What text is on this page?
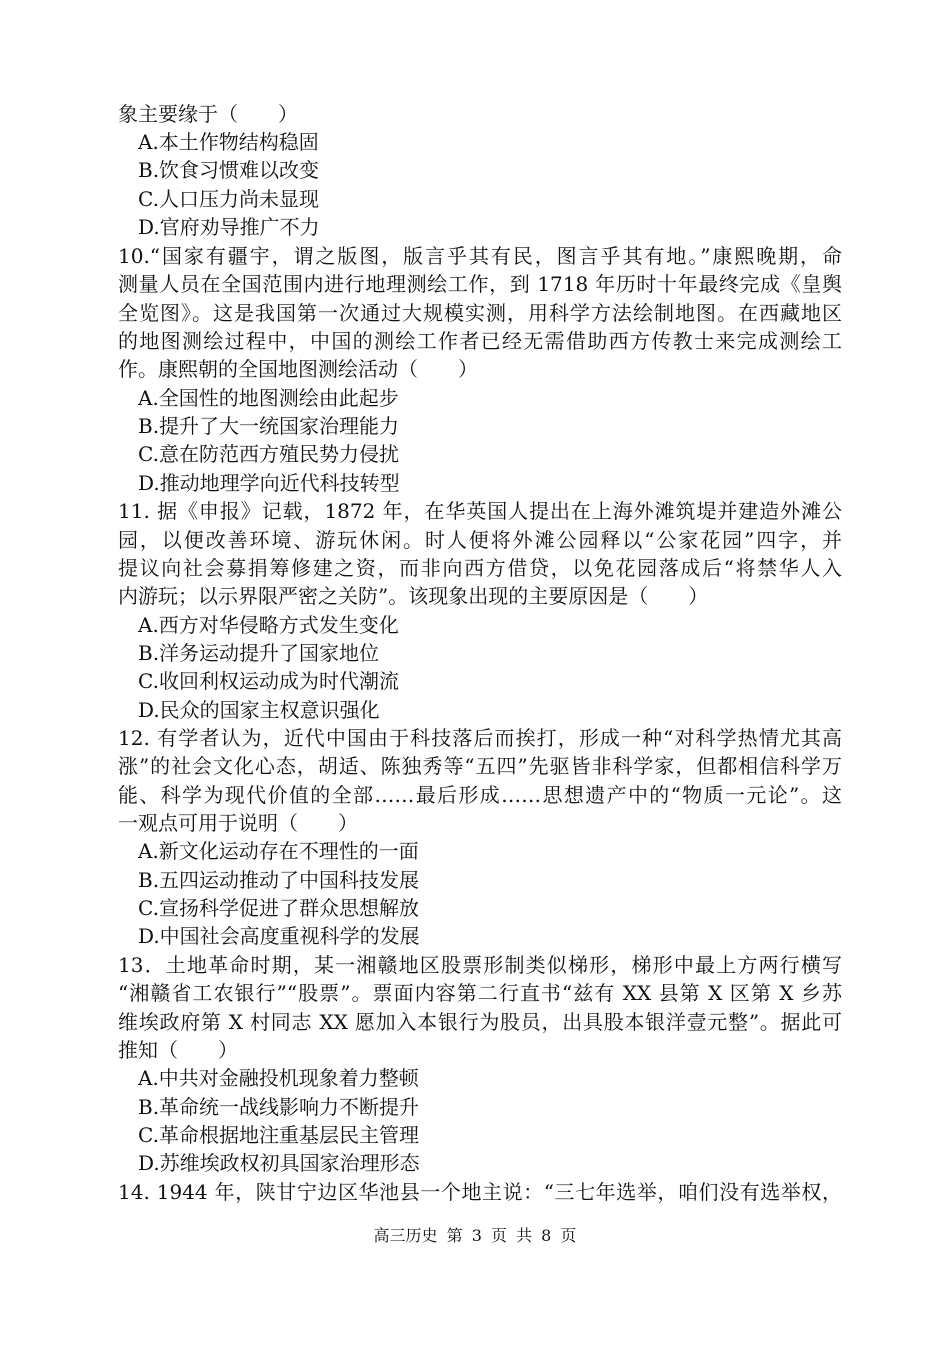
象主要缘于（　　）
A.本土作物结构稳固
B.饮食习惯难以改变
C.人口压力尚未显现
D.官府劝导推广不力
10.“国家有疆宇，谓之版图，版言乎其有民，图言乎其有地。”康熙晚期，命
测量人员在全国范围内进行地理测绘工作，到 1718 年历时十年最终完成《皇舆
全览图》。这是我国第一次通过大规模实测，用科学方法绘制地图。在西藏地区
的地图测绘过程中，中国的测绘工作者已经无需借助西方传教士来完成测绘工
作。康熙朝的全国地图测绘活动（　　）
A.全国性的地图测绘由此起步
B.提升了大一统国家治理能力
C.意在防范西方殖民势力侵扰
D.推动地理学向近代科技转型
11. 据《申报》记载，1872 年，在华英国人提出在上海外滩筑堤并建造外滩公
园，以便改善环境、游玩休闲。时人便将外滩公园释以“公家花园”四字，并
提议向社会募捐筹修建之资，而非向西方借贷，以免花园落成后“将禁华人入
内游玩；以示界限严密之关防”。该现象出现的主要原因是（　　）
A.西方对华侵略方式发生变化
B.洋务运动提升了国家地位
C.收回利权运动成为时代潮流
D.民众的国家主权意识强化
12. 有学者认为，近代中国由于科技落后而挨打，形成一种“对科学热情尤其高
涨”的社会文化心态，胡适、陈独秀等“五四”先驱皆非科学家，但都相信科学万
能、科学为现代价值的全部……最后形成……思想遗产中的“物质一元论”。这
一观点可用于说明（　　）
A.新文化运动存在不理性的一面
B.五四运动推动了中国科技发展
C.宣扬科学促进了群众思想解放
D.中国社会高度重视科学的发展
13．土地革命时期，某一湘赣地区股票形制类似梯形，梯形中最上方两行横写
“湘赣省工农银行”“股票”。票面内容第二行直书“兹有 XX 县第 X 区第 X 乡苏
维埃政府第 X 村同志 XX 愿加入本银行为股员，出具股本银洋壹元整”。据此可
推知（　　）
A.中共对金融投机现象着力整顿
B.革命统一战线影响力不断提升
C.革命根据地注重基层民主管理
D.苏维埃政权初具国家治理形态
14. 1944 年，陕甘宁边区华池县一个地主说：“三七年选举，咱们没有选举权，
高三历史 第 3 页 共 8 页
